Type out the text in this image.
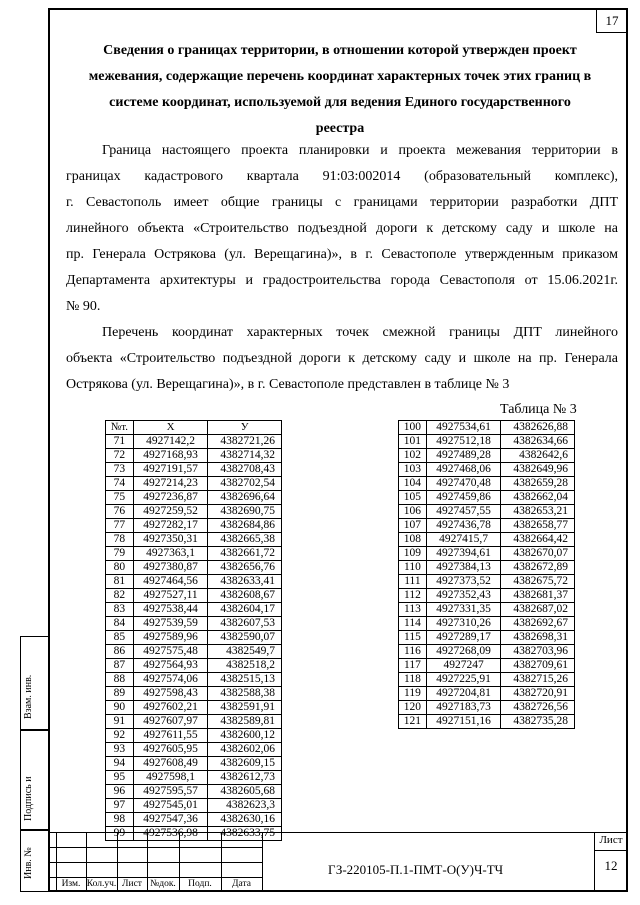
17
Сведения о границах территории, в отношении которой утвержден проект
межевания, содержащие перечень координат характерных точек этих границ в
системе координат, используемой для ведения Единого государственного
реестра
Граница настоящего проекта планировки и проекта межевания территории в
границах кадастрового квартала 91:03:002014 (образовательный комплекс),
г. Севастополь имеет общие границы с границами территории разработки ДПТ
линейного объекта «Строительство подъездной дороги к детскому саду и школе на
пр. Генерала Острякова (ул. Верещагина)», в г. Севастополе утвержденным приказом
Департамента архитектуры и градостроительства города Севастополя от 15.06.2021г.
№ 90.
Перечень координат характерных точек смежной границы ДПТ линейного
объекта «Строительство подъездной дороги к детскому саду и школе на пр. Генерала
Острякова (ул. Верещагина)», в г. Севастополе представлен в таблице № 3
Таблица № 3
№т.	X	У
71	4927142,2	4382721,26
72	4927168,93	4382714,32
73	4927191,57	4382708,43
74	4927214,23	4382702,54
75	4927236,87	4382696,64
76	4927259,52	4382690,75
77	4927282,17	4382684,86
78	4927350,31	4382665,38
79	4927363,1	4382661,72
80	4927380,87	4382656,76
81	4927464,56	4382633,41
82	4927527,11	4382608,67
83	4927538,44	4382604,17
84	4927539,59	4382607,53
85	4927589,96	4382590,07
86	4927575,48	4382549,7
87	4927564,93	4382518,2
88	4927574,06	4382515,13
89	4927598,43	4382588,38
90	4927602,21	4382591,91
91	4927607,97	4382589,81
92	4927611,55	4382600,12
93	4927605,95	4382602,06
94	4927608,49	4382609,15
95	4927598,1	4382612,73
96	4927595,57	4382605,68
97	4927545,01	4382623,3
98	4927547,36	4382630,16
99	4927536,98	4382633,75
100	4927534,61	4382626,88
101	4927512,18	4382634,66
102	4927489,28	4382642,6
103	4927468,06	4382649,96
104	4927470,48	4382659,28
105	4927459,86	4382662,04
106	4927457,55	4382653,21
107	4927436,78	4382658,77
108	4927415,7	4382664,42
109	4927394,61	4382670,07
110	4927384,13	4382672,89
111	4927373,52	4382675,72
112	4927352,43	4382681,37
113	4927331,35	4382687,02
114	4927310,26	4382692,67
115	4927289,17	4382698,31
116	4927268,09	4382703,96
117	4927247	4382709,61
118	4927225,91	4382715,26
119	4927204,81	4382720,91
120	4927183,73	4382726,56
121	4927151,16	4382735,28
Взам. инв.
Подпись и
Инв. №
Изм. Кол.уч. Лист №док.	Подп.	Дата
ГЗ-220105-П.1-ПМТ-О(У)Ч-ТЧ
Лист
12
